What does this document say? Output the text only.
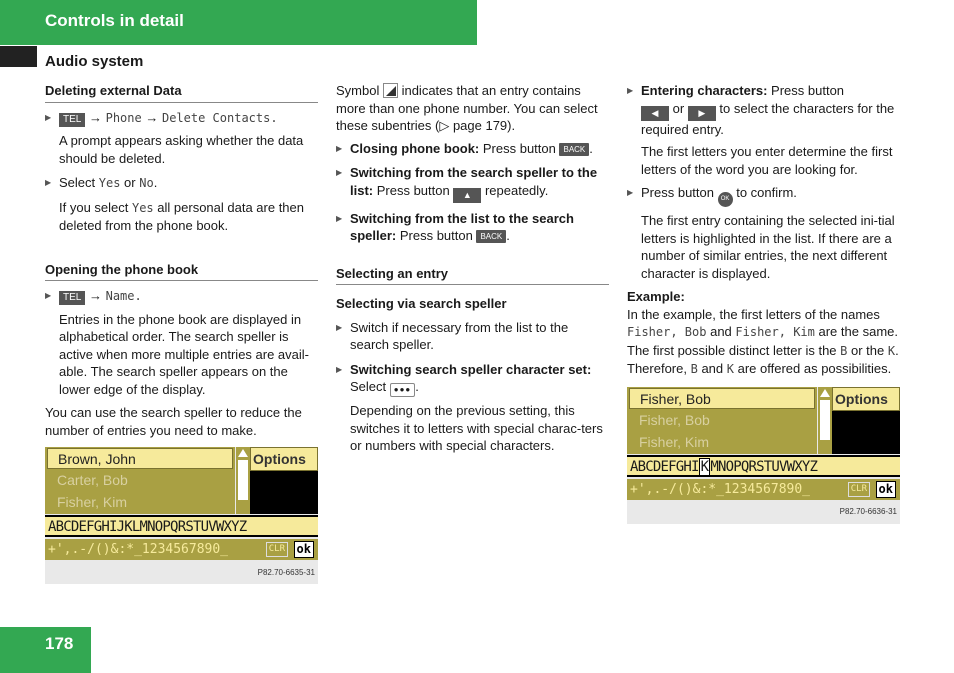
Controls in detail
Audio system
Deleting external Data

▶ TEL → Phone → Delete Contacts.

A prompt appears asking whether the data should be deleted.

▶ Select Yes or No.

If you select Yes all personal data are then deleted from the phone book.

Opening the phone book

▶ TEL → Name.

Entries in the phone book are displayed in alphabetical order. The search speller is active when more multiple entries are avail-able. The search speller appears on the lower edge of the display.

You can use the search speller to reduce the number of entries you need to make.

Brown, John
Carter, Bob
Fisher, Kim
Options
ABCDEFGHIJKLMNOPQRSTUVWXYZ
+',.-/()&:*_1234567890_	CLR ok
P82.70-6635-31

Symbol  indicates that an entry contains more than one phone number. You can select these subentries (▷ page 179).

▶ Closing phone book: Press button BACK .

▶ Switching from the search speller to the list: Press button ▲ repeatedly.

▶ Switching from the list to the search speller: Press button BACK .

Selecting an entry
Selecting via search speller

▶ Switch if necessary from the list to the search speller.

▶ Switching search speller character set: Select ●●● .

Depending on the previous setting, this switches it to letters with special charac-ters or numbers with special characters.

▶ Entering characters: Press button
◀ or ▶ to select the characters for the required entry.

The first letters you enter determine the first letters of the word you are looking for.

▶ Press button OK to confirm.

The first entry containing the selected ini-tial letters is highlighted in the list. If there are a number of similar entries, the next different character is displayed.

Example:

In the example, the first letters of the names Fisher, Bob and Fisher, Kim are the same. The first possible distinct letter is the B or the K.

Therefore, B and K are offered as possibilities.

Fisher, Bob
Fisher, Bob
Fisher, Kim
Options
ABCDEFGHI K MNOPQRSTUVWXYZ
+',.-/()&:*_1234567890_	CLR ok
P82.70-6636-31
178
